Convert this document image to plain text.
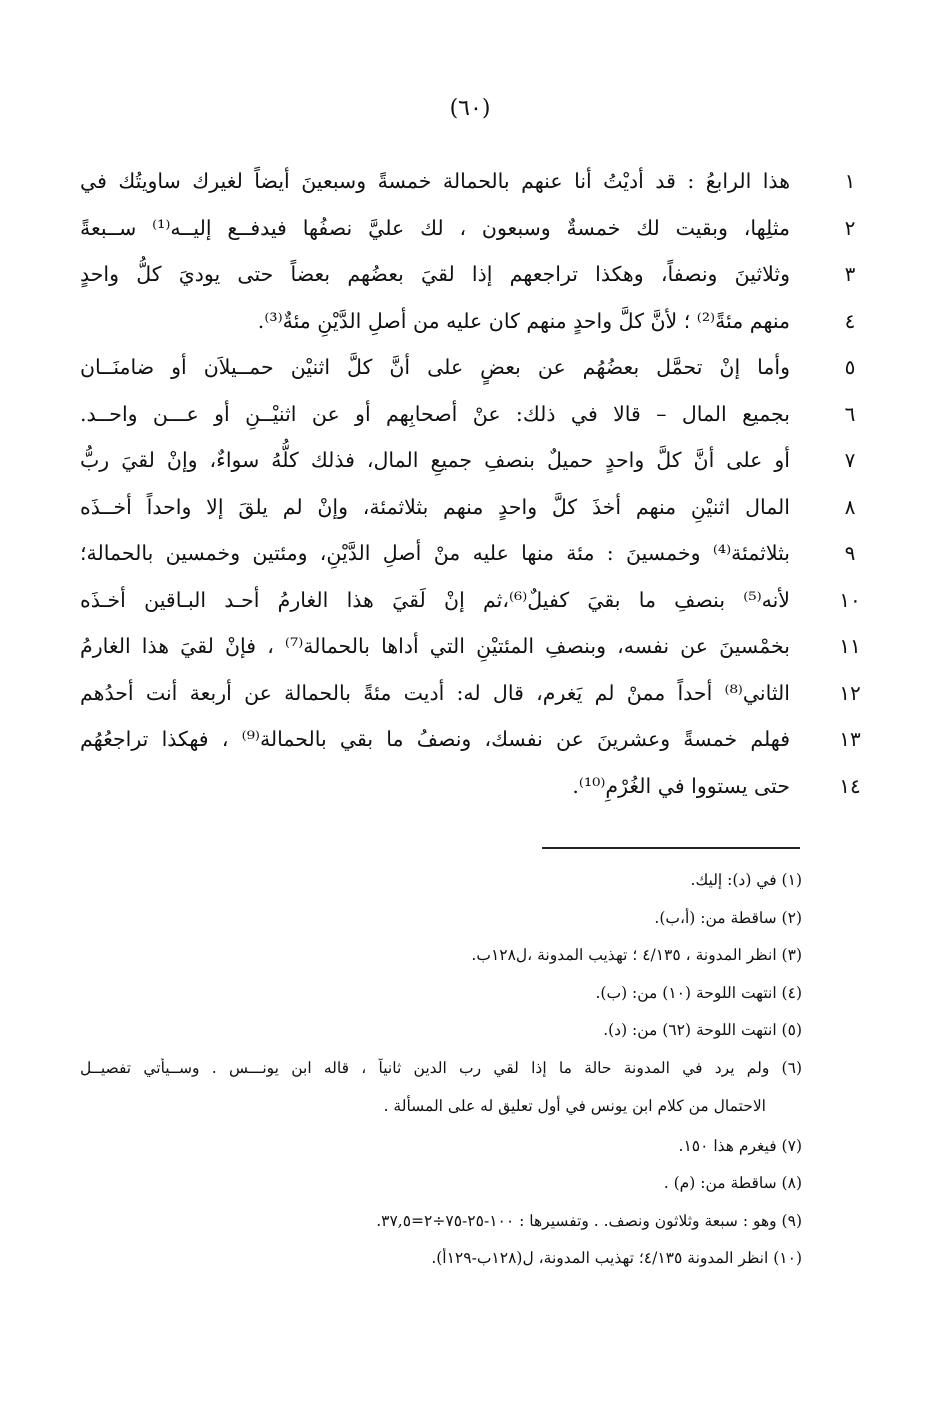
(٦٠)
١
هذا الرابعُ : قد أديْتُ أنا عنهم بالحمالة خمسةً وسبعينَ أيضاً لغيرك ساويتُك في
٢
مثلِها، وبقيت لك خمسةٌ وسبعون ، لك عليَّ نصفُها فيدفــع إليــه⁽¹⁾ ســبعةً
٣
وثلاثينَ ونصفاً، وهكذا تراجعهم إذا لقيَ بعضُهم بعضاً حتى يوديَ كلُّ واحدٍ
٤
منهم مئةً⁽²⁾ ؛ لأنَّ كلَّ واحدٍ منهم كان عليه من أصلِ الدَّيْنِ مئةٌ⁽³⁾.
٥
وأما إنْ تحمَّل بعضُهُم عن بعضٍ على أنَّ كلَّ اثنيْن حمــيلاَن أو ضامنَــان
٦
بجميع المال – قالا في ذلك: عنْ أصحابِهم أو عن اثنيْــنِ أو عـــن واحــد.
٧
أو على أنَّ كلَّ واحدٍ حميلٌ بنصفِ جميعِ المال، فذلك كلُّهُ سواءٌ، وإنْ لقيَ ربُّ
٨
المال اثنيْنِ منهم أخذَ كلَّ واحدٍ منهم بثلاثمئة، وإنْ لم يلقَ إلا واحداً أخــذَه
٩
بثلاثمئة⁽⁴⁾ وخمسينَ : مئة منها عليه منْ أصلِ الدَّيْنِ، ومئتين وخمسين بالحمالة؛
١٠
لأنه⁽⁵⁾ بنصفِ ما بقيَ كفيلٌ⁽⁶⁾،ثم إنْ لَقيَ هذا الغارمُ أحـد البـاقين أخـذَه
١١
بخمْسينَ عن نفسه، وبنصفِ المئتيْنِ التي أداها بالحمالة⁽⁷⁾ ، فإنْ لقيَ هذا الغارمُ
١٢
الثاني⁽⁸⁾ أحداً ممنْ لم يَغرم، قال له: أديت مئةً بالحمالة عن أربعة أنت أحدُهم
١٣
فهلم خمسةً وعشرينَ عن نفسك، ونصفُ ما بقي بالحمالة⁽⁹⁾ ، فهكذا تراجعُهُم
١٤
حتى يستووا في الغُرْمِ⁽¹⁰⁾.
(١) في (د): إليك.
(٢) ساقطة من: (أ،ب).
(٣) انظر المدونة ، ٤/١٣٥ ؛ تهذيب المدونة ،ل١٢٨ب.
(٤) انتهت اللوحة (١٠) من: (ب).
(٥) انتهت اللوحة (٦٢) من: (د).
(٦) ولم يرد في المدونة حالة ما إذا لقي رب الدين ثانياً ، قاله ابن يونـــس . وســيأتي تفصيــل
الاحتمال من كلام ابن يونس في أول تعليق له على المسألة .
(٧) فيغرم هذا ١٥٠.
(٨) ساقطة من: (م) .
(٩) وهو : سبعة وثلاثون ونصف. . وتفسيرها : ١٠٠-٢٥-٧٥÷٢=٣٧,٥.
(١٠) انظر المدونة ٤/١٣٥؛ تهذيب المدونة، ل(١٢٨ب-١٢٩أ).
